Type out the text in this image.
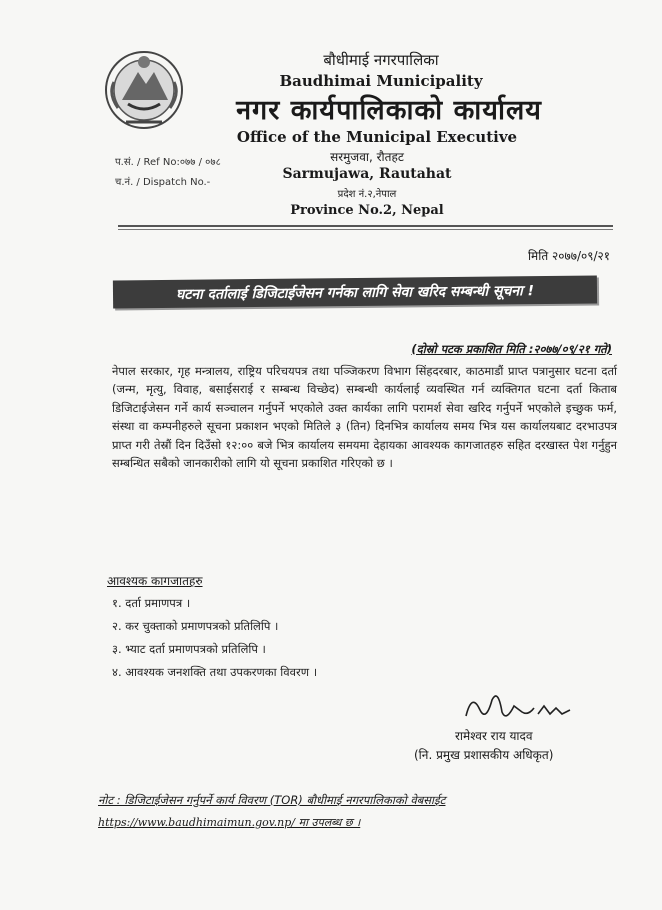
बौधीमाई नगरपालिका
Baudhimai Municipality
नगर कार्यपालिकाको कार्यालय
Office of the Municipal Executive
सरमुजवा, रौतहट
Sarmujawa, Rautahat
प्रदेश नं.२,नेपाल
Province No.2, Nepal
प.सं. / Ref No:०७७ / ०७८
च.नं. / Dispatch No.-
मिति २०७७/०९/२१
घटना दर्तालाई डिजिटाईजेसन गर्नका लागि सेवा खरिद सम्बन्धी सूचना !
(दोस्रो पटक प्रकाशित मिति :२०७७/०९/२१ गते)
नेपाल सरकार, गृह मन्त्रालय, राष्ट्रिय परिचयपत्र तथा पञ्जिकरण विभाग सिंहदरबार, काठमाडौं प्राप्त पत्रानुसार घटना दर्ता (जन्म, मृत्यु, विवाह, बसाईसराई र सम्बन्ध विच्छेद) सम्बन्धी कार्यलाई व्यवस्थित गर्न व्यक्तिगत घटना दर्ता किताब डिजिटाईजेसन गर्ने कार्य सञ्चालन गर्नुपर्ने भएकोले उक्त कार्यका लागि परामर्श सेवा खरिद गर्नुपर्ने भएकोले इच्छुक फर्म, संस्था वा कम्पनीहरुले सूचना प्रकाशन भएको मितिले ३ (तिन) दिनभित्र कार्यालय समय भित्र यस कार्यालयबाट दरभाउपत्र प्राप्त गरी तेस्रौं दिन दिउँसो १२:०० बजे भित्र कार्यालय समयमा देहायका आवश्यक कागजातहरु सहित दरखास्त पेश गर्नुहुन सम्बन्धित सबैको जानकारीको लागि यो सूचना प्रकाशित गरिएको छ ।
आवश्यक कागजातहरु
१. दर्ता प्रमाणपत्र ।
२. कर चुक्ताको प्रमाणपत्रको प्रतिलिपि ।
३. भ्याट दर्ता प्रमाणपत्रको प्रतिलिपि ।
४. आवश्यक जनशक्ति तथा उपकरणका विवरण ।
रामेश्वर राय यादव
(नि. प्रमुख प्रशासकीय अधिकृत)
नोट : डिजिटाईजेसन गर्नुपर्ने कार्य विवरण (TOR) बौधीमाई नगरपालिकाको वेबसाईट
https://www.baudhimaimun.gov.np/ मा उपलब्ध छ ।
